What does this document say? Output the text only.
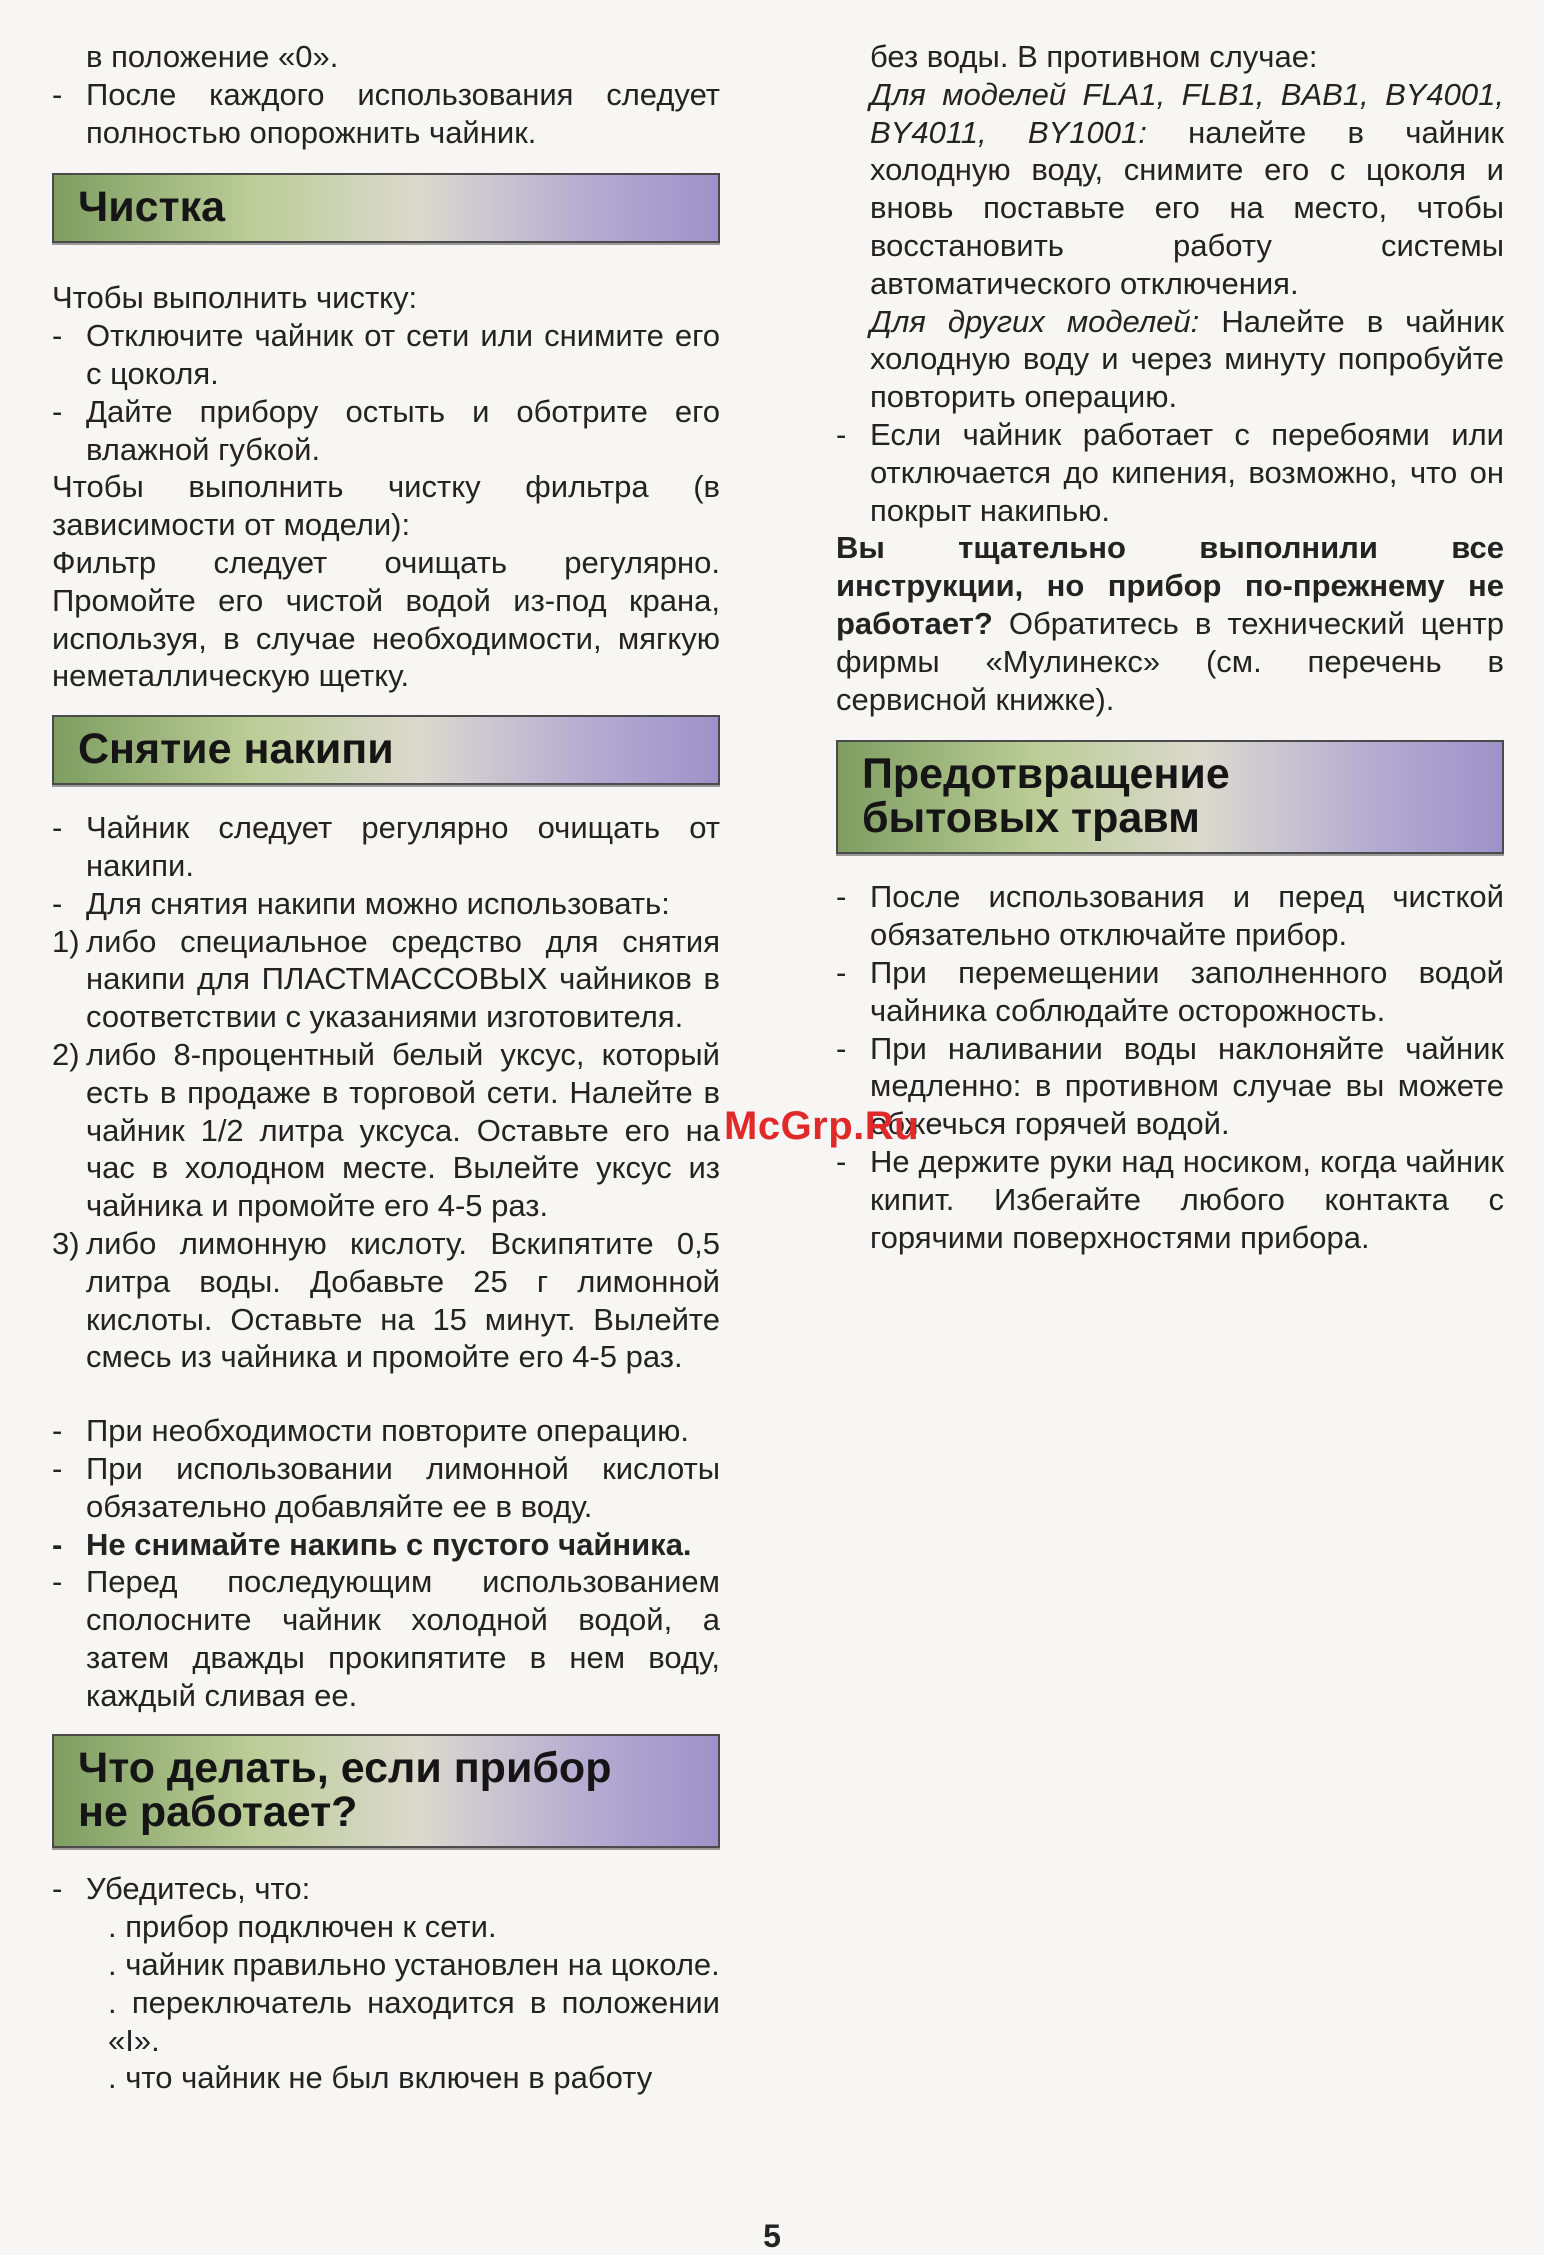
в положение «0».

- После каждого использования следует полностью опорожнить чайник.

Чистка

Чтобы выполнить чистку:

- Отключите чайник от сети или снимите его с цоколя.

- Дайте прибору остыть и оботрите его влажной губкой.

Чтобы выполнить чистку фильтра (в зависимости от модели):

Фильтр следует очищать регулярно. Промойте его чистой водой из-под крана, используя, в случае необходимости, мягкую неметаллическую щетку.

Снятие накипи

- Чайник следует регулярно очищать от накипи.

- Для снятия накипи можно использовать:

1) либо специальное средство для снятия накипи для ПЛАСТМАССОВЫХ чайников в соответствии с указаниями изготовителя.

2) либо 8-процентный белый уксус, который есть в продаже в торговой сети. Налейте в чайник 1/2 литра уксуса. Оставьте его на час в холодном месте. Вылейте уксус из чайника и промойте его 4-5 раз.

3) либо лимонную кислоту. Вскипятите 0,5 литра воды. Добавьте 25 г лимонной кислоты. Оставьте на 15 минут. Вылейте смесь из чайника и промойте его 4-5 раз.

- При необходимости повторите операцию.

- При использовании лимонной кислоты обязательно добавляйте ее в воду.

- Не снимайте накипь с пустого чайника.

- Перед последующим использованием сполосните чайник холодной водой, а затем дважды прокипятите в нем воду, каждый сливая ее.

Что делать, если прибор
не работает?

- Убедитесь, что:

. прибор подключен к сети.

. чайник правильно установлен на цоколе.

. переключатель находится в положении «I».

. что чайник не был включен в работу

без воды. В противном случае:

Для моделей FLA1, FLB1, BAB1, BY4001, BY4011, BY1001: налейте в чайник холодную воду, снимите его с цоколя и вновь поставьте его на место, чтобы восстановить работу системы автоматического отключения.

Для других моделей: Налейте в чайник холодную воду и через минуту попробуйте повторить операцию.

- Если чайник работает с перебоями или отключается до кипения, возможно, что он покрыт накипью.

Вы тщательно выполнили все инструкции, но прибор по-прежнему не работает? Обратитесь в технический центр фирмы «Мулинекс» (см. перечень в сервисной книжке).

Предотвращение
бытовых травм

- После использования и перед чисткой обязательно отключайте прибор.

- При перемещении заполненного водой чайника соблюдайте осторожность.

- При наливании воды наклоняйте чайник медленно: в противном случае вы можете обжечься горячей водой.

- Не держите руки над носиком, когда чайник кипит. Избегайте любого контакта с горячими поверхностями прибора.

McGrp.Ru
5
